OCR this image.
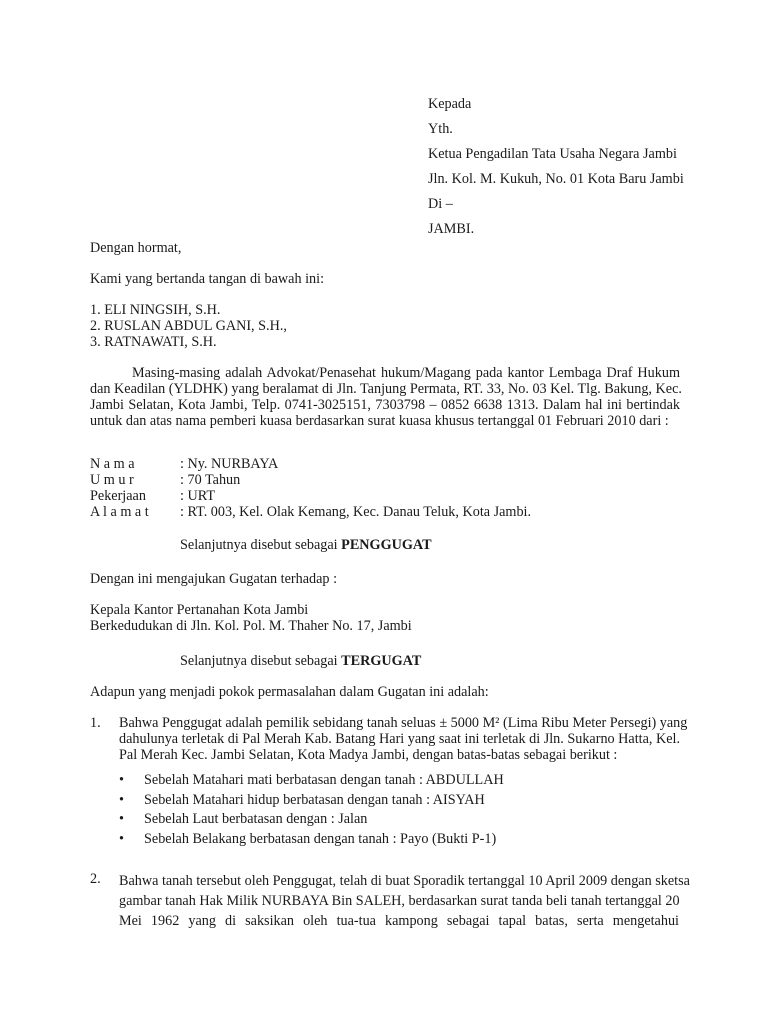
Kepada
Yth.
Ketua Pengadilan Tata Usaha Negara Jambi
Jln. Kol. M. Kukuh, No. 01 Kota Baru Jambi
Di –
JAMBI.
Dengan hormat,
Kami yang bertanda tangan di bawah ini:
1. ELI NINGSIH, S.H.
2. RUSLAN ABDUL GANI, S.H.,
3. RATNAWATI, S.H.
Masing-masing adalah Advokat/Penasehat hukum/Magang pada kantor Lembaga Draf Hukum
dan Keadilan (YLDHK) yang beralamat di Jln. Tanjung Permata, RT. 33, No. 03 Kel. Tlg. Bakung, Kec.
Jambi Selatan, Kota Jambi, Telp. 0741-3025151, 7303798 – 0852 6638 1313. Dalam hal ini bertindak
untuk dan atas nama pemberi kuasa berdasarkan surat kuasa khusus tertanggal 01 Februari 2010 dari :
N a m a
U m u r
Pekerjaan
A l a m a t
: Ny. NURBAYA
: 70 Tahun
: URT
: RT. 003, Kel. Olak Kemang, Kec. Danau Teluk, Kota Jambi.
Selanjutnya disebut sebagai PENGGUGAT
Dengan ini mengajukan Gugatan terhadap :
Kepala Kantor Pertanahan Kota Jambi
Berkedudukan di Jln. Kol. Pol. M. Thaher No. 17, Jambi
Selanjutnya disebut sebagai TERGUGAT
Adapun yang menjadi pokok permasalahan dalam Gugatan ini adalah:
1. Bahwa Penggugat adalah pemilik sebidang tanah seluas ± 5000 M² (Lima Ribu Meter Persegi) yang
dahulunya terletak di Pal Merah Kab. Batang Hari yang saat ini terletak di Jln. Sukarno Hatta, Kel.
Pal Merah Kec. Jambi Selatan, Kota Madya Jambi, dengan batas-batas sebagai berikut :
• Sebelah Matahari mati berbatasan dengan tanah : ABDULLAH
• Sebelah Matahari hidup berbatasan dengan tanah : AISYAH
• Sebelah Laut berbatasan dengan : Jalan
• Sebelah Belakang berbatasan dengan tanah : Payo (Bukti P-1)
2. Bahwa tanah tersebut oleh Penggugat, telah di buat Sporadik tertanggal 10 April 2009 dengan sketsa
gambar tanah Hak Milik NURBAYA Bin SALEH, berdasarkan surat tanda beli tanah tertanggal 20
Mei 1962 yang di saksikan oleh tua-tua kampong sebagai tapal batas, serta mengetahui
